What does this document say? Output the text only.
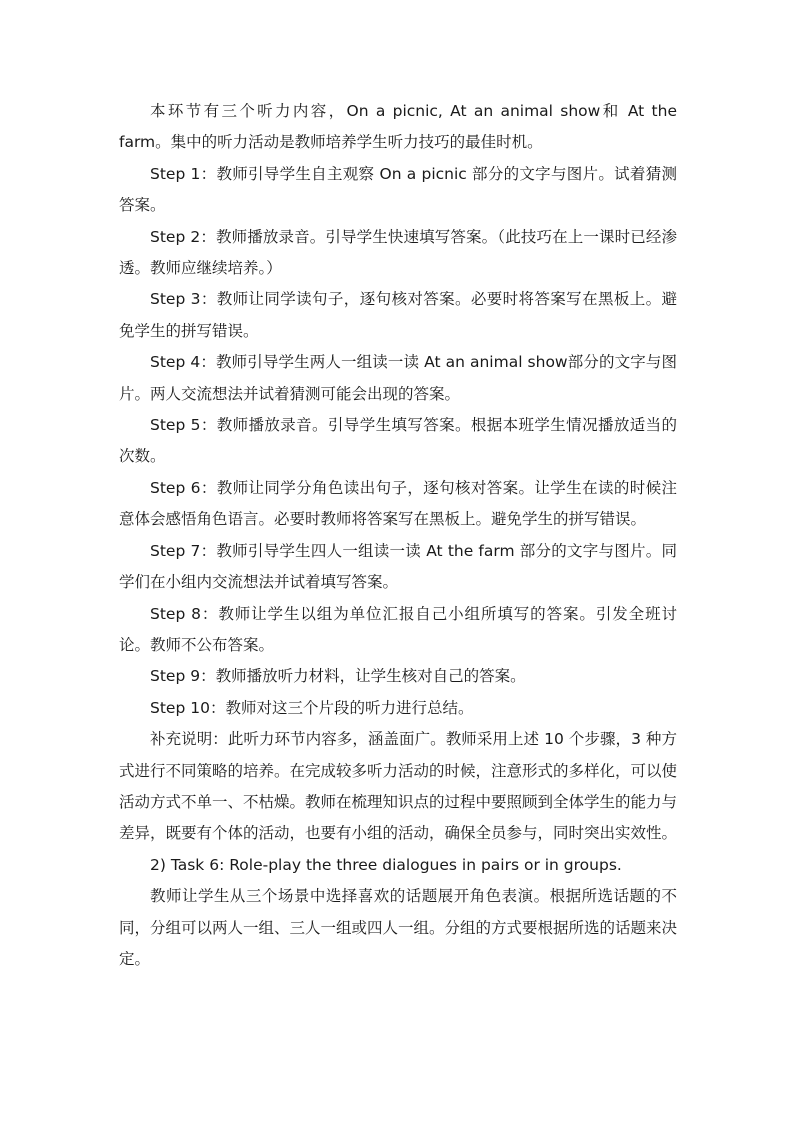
本环节有三个听力内容，On a picnic, At an animal show和 At the farm。集中的听力活动是教师培养学生听力技巧的最佳时机。

Step 1：教师引导学生自主观察 On a picnic 部分的文字与图片。试着猜测答案。

Step 2：教师播放录音。引导学生快速填写答案。（此技巧在上一课时已经渗透。教师应继续培养。）

Step 3：教师让同学读句子，逐句核对答案。必要时将答案写在黑板上。避免学生的拼写错误。

Step 4：教师引导学生两人一组读一读 At an animal show部分的文字与图片。两人交流想法并试着猜测可能会出现的答案。

Step 5：教师播放录音。引导学生填写答案。根据本班学生情况播放适当的次数。

Step 6：教师让同学分角色读出句子，逐句核对答案。让学生在读的时候注意体会感悟角色语言。必要时教师将答案写在黑板上。避免学生的拼写错误。

Step 7：教师引导学生四人一组读一读 At the farm 部分的文字与图片。同学们在小组内交流想法并试着填写答案。

Step 8：教师让学生以组为单位汇报自己小组所填写的答案。引发全班讨论。教师不公布答案。

Step 9：教师播放听力材料，让学生核对自己的答案。

Step 10：教师对这三个片段的听力进行总结。

补充说明：此听力环节内容多，涵盖面广。教师采用上述 10 个步骤，3 种方式进行不同策略的培养。在完成较多听力活动的时候，注意形式的多样化，可以使活动方式不单一、不枯燥。教师在梳理知识点的过程中要照顾到全体学生的能力与差异，既要有个体的活动，也要有小组的活动，确保全员参与，同时突出实效性。

2) Task 6: Role-play the three dialogues in pairs or in groups.

教师让学生从三个场景中选择喜欢的话题展开角色表演。根据所选话题的不同，分组可以两人一组、三人一组或四人一组。分组的方式要根据所选的话题来决定。
